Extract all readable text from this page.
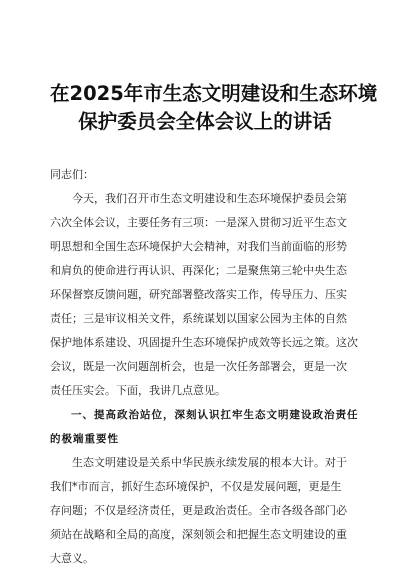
在2025年市生态文明建设和生态环境
保护委员会全体会议上的讲话

同志们：

今天，我们召开市生态文明建设和生态环境保护委员会第
六次全体会议，主要任务有三项：一是深入贯彻习近平生态文
明思想和全国生态环境保护大会精神，对我们当前面临的形势
和肩负的使命进行再认识、再深化；二是聚焦第三轮中央生态
环保督察反馈问题，研究部署整改落实工作，传导压力、压实
责任；三是审议相关文件，系统谋划以国家公园为主体的自然
保护地体系建设、巩固提升生态环境保护成效等长远之策。这次
会议，既是一次问题剖析会，也是一次任务部署会，更是一次
责任压实会。下面，我讲几点意见。
一、提高政治站位，深刻认识扛牢生态文明建设政治责任
的极端重要性
生态文明建设是关系中华民族永续发展的根本大计。对于
我们*市而言，抓好生态环境保护，不仅是发展问题，更是生
存问题；不仅是经济责任，更是政治责任。全市各级各部门必
须站在战略和全局的高度，深刻领会和把握生态文明建设的重
大意义。
